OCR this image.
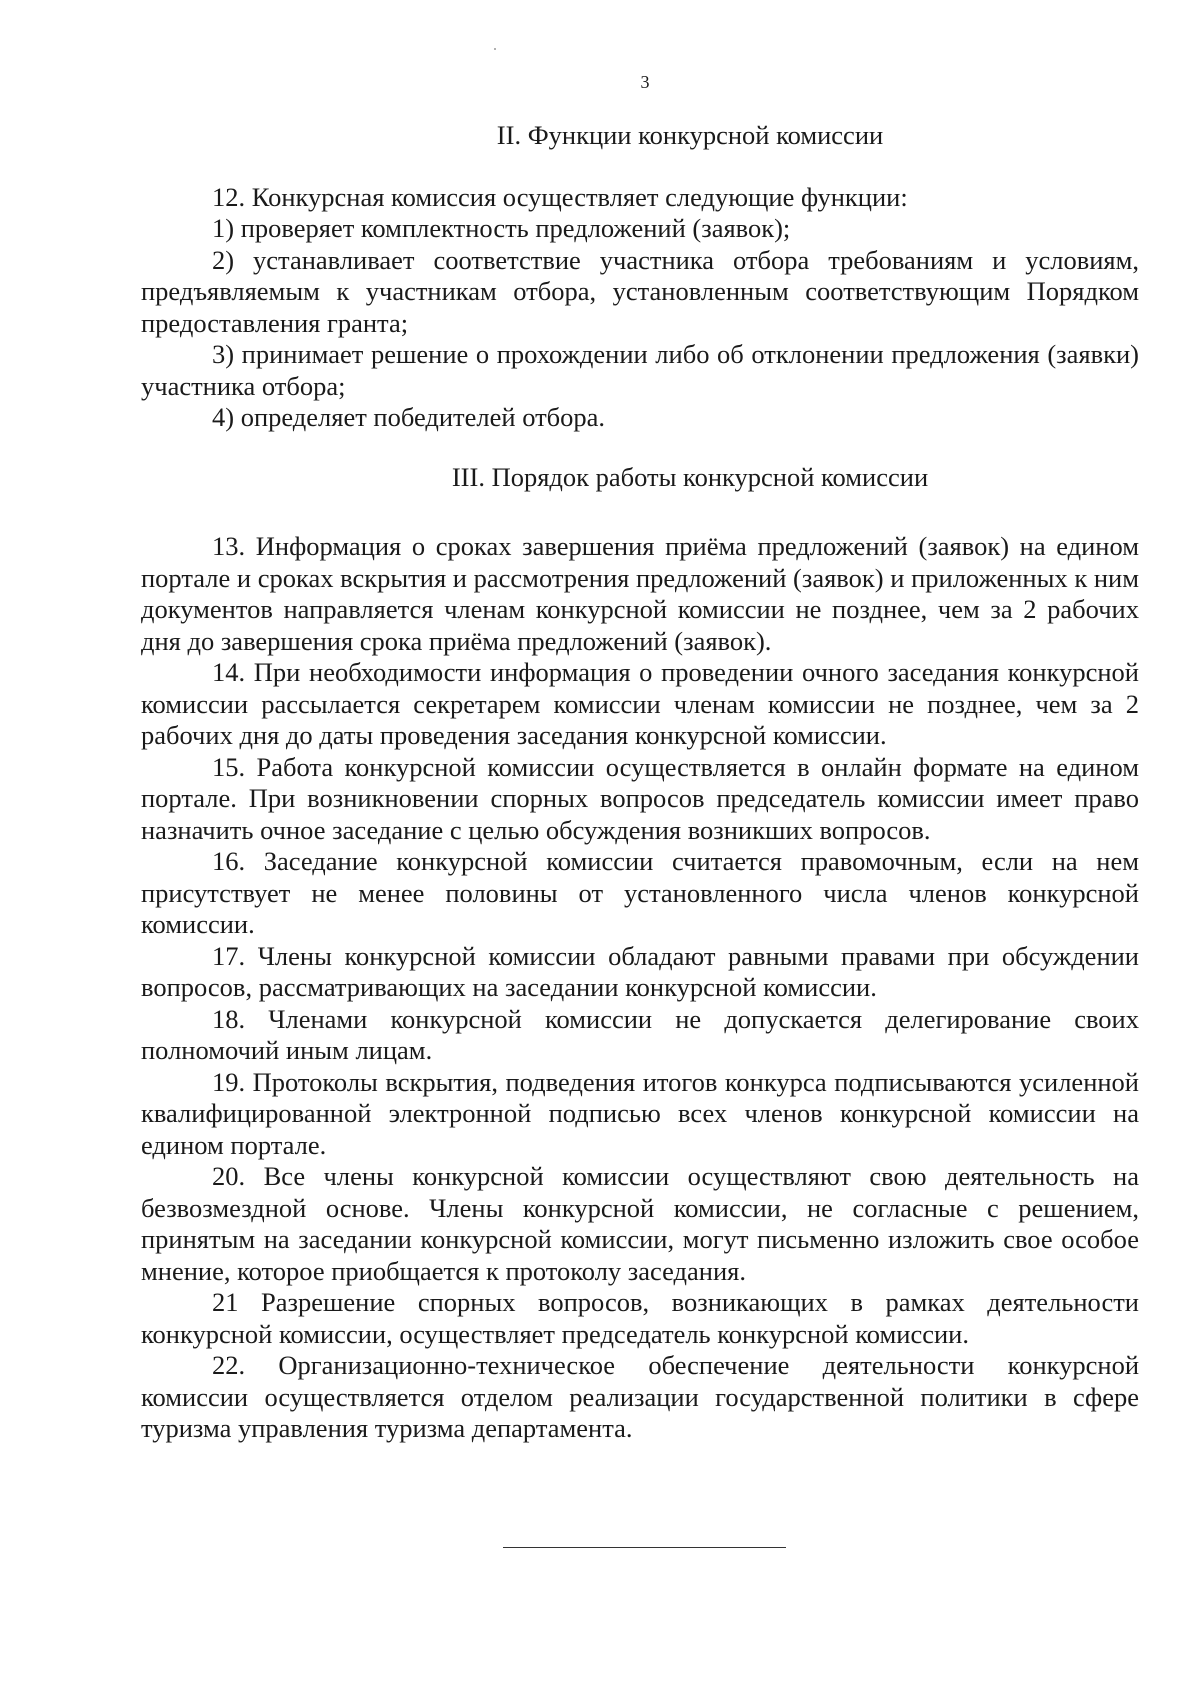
3
II. Функции конкурсной комиссии

12. Конкурсная комиссия осуществляет следующие функции:

1) проверяет комплектность предложений (заявок);

2) устанавливает соответствие участника отбора требованиям и условиям, предъявляемым к участникам отбора, установленным соответствующим Порядком предоставления гранта;

3) принимает решение о прохождении либо об отклонении предложения (заявки) участника отбора;

4) определяет победителей отбора.

III. Порядок работы конкурсной комиссии

13. Информация о сроках завершения приёма предложений (заявок) на едином портале и сроках вскрытия и рассмотрения предложений (заявок) и приложенных к ним документов направляется членам конкурсной комиссии не позднее, чем за 2 рабочих дня до завершения срока приёма предложений (заявок).

14. При необходимости информация о проведении очного заседания конкурсной комиссии рассылается секретарем комиссии членам комиссии не позднее, чем за 2 рабочих дня до даты проведения заседания конкурсной комиссии.

15. Работа конкурсной комиссии осуществляется в онлайн формате на едином портале. При возникновении спорных вопросов председатель комиссии имеет право назначить очное заседание с целью обсуждения возникших вопросов.

16. Заседание конкурсной комиссии считается правомочным, если на нем присутствует не менее половины от установленного числа членов конкурсной комиссии.

17. Члены конкурсной комиссии обладают равными правами при обсуждении вопросов, рассматривающих на заседании конкурсной комиссии.

18. Членами конкурсной комиссии не допускается делегирование своих полномочий иным лицам.

19. Протоколы вскрытия, подведения итогов конкурса подписываются усиленной квалифицированной электронной подписью всех членов конкурсной комиссии на едином портале.

20. Все члены конкурсной комиссии осуществляют свою деятельность на безвозмездной основе. Члены конкурсной комиссии, не согласные с решением, принятым на заседании конкурсной комиссии, могут письменно изложить свое особое мнение, которое приобщается к протоколу заседания.

21 Разрешение спорных вопросов, возникающих в рамках деятельности конкурсной комиссии, осуществляет председатель конкурсной комиссии.

22. Организационно-техническое обеспечение деятельности конкурсной комиссии осуществляется отделом реализации государственной политики в сфере туризма управления туризма департамента.
